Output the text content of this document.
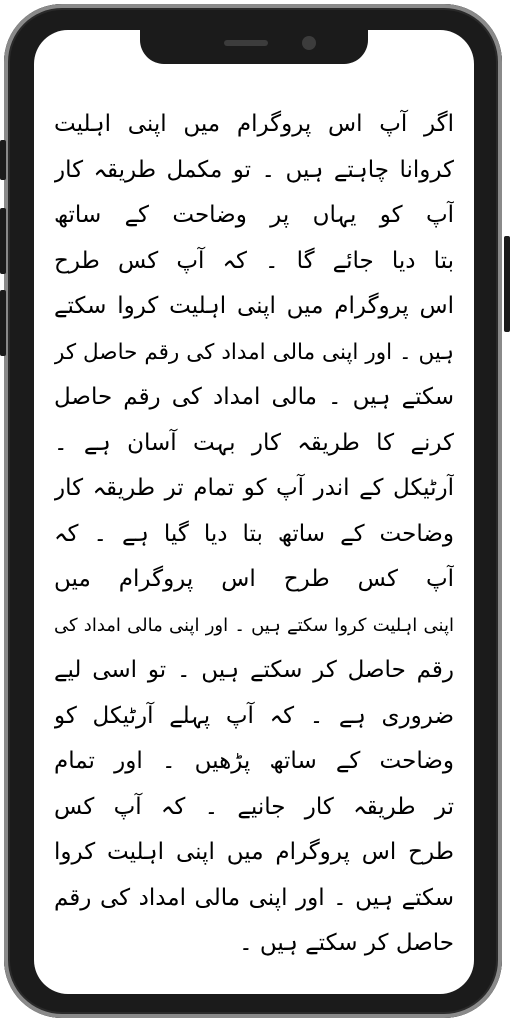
اگر آپ اس پروگرام میں اپنی اہلیت
کروانا چاہتے ہیں ۔ تو مکمل طریقہ کار
آپ کو یہاں پر وضاحت کے ساتھ
بتا دیا جائے گا ۔ کہ آپ کس طرح
اس پروگرام میں اپنی اہلیت کروا سکتے
ہیں ۔ اور اپنی مالی امداد کی رقم حاصل کر
سکتے ہیں ۔ مالی امداد کی رقم حاصل
کرنے کا طریقہ کار بہت آسان ہے ۔
آرٹیکل کے اندر آپ کو تمام تر طریقہ کار
وضاحت کے ساتھ بتا دیا گیا ہے ۔ کہ
آپ کس طرح اس پروگرام میں
اپنی اہلیت کروا سکتے ہیں ۔ اور اپنی مالی امداد کی
رقم حاصل کر سکتے ہیں ۔ تو اسی لیے
ضروری ہے ۔ کہ آپ پہلے آرٹیکل کو
وضاحت کے ساتھ پڑھیں ۔ اور تمام
تر طریقہ کار جانیے ۔ کہ آپ کس
طرح اس پروگرام میں اپنی اہلیت کروا
سکتے ہیں ۔ اور اپنی مالی امداد کی رقم
حاصل کر سکتے ہیں ۔
